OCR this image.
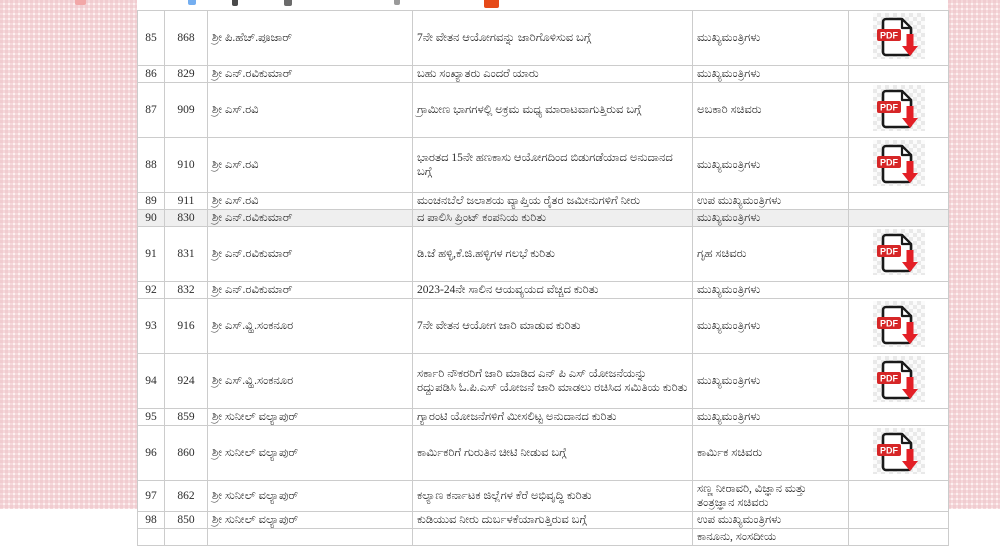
85	868	ಶ್ರೀ ಪಿ.ಹೆಚ್.ಪೂಜಾರ್	7ನೇ ವೇತನ ಆಯೋಗವನ್ನು ಜಾರಿಗೊಳಿಸುವ ಬಗ್ಗೆ	ಮುಖ್ಯಮಂತ್ರಿಗಳು	PDF

86	829	ಶ್ರೀ ಎನ್.ರವಿಕುಮಾರ್	ಬಹು ಸಂಖ್ಯಾತರು ಎಂದರೆ ಯಾರು	ಮುಖ್ಯಮಂತ್ರಿಗಳು	
87	909	ಶ್ರೀ ಎಸ್.ರವಿ	ಗ್ರಾಮೀಣ ಭಾಗಗಳಲ್ಲಿ ಅಕ್ರಮ ಮಧ್ಯ ಮಾರಾಟವಾಗುತ್ತಿರುವ ಬಗ್ಗೆ	ಅಬಕಾರಿ ಸಚಿವರು	PDF

88	910	ಶ್ರೀ ಎಸ್.ರವಿ	ಭಾರತದ 15ನೇ ಹಣಕಾಸು ಆಯೋಗದಿಂದ ಬಿಡುಗಡೆಯಾದ ಅನುದಾನದ ಬಗ್ಗೆ	ಮುಖ್ಯಮಂತ್ರಿಗಳು	PDF

89	911	ಶ್ರೀ ಎಸ್.ರವಿ	ಮಂಚನಬೆಲೆ ಜಲಾಶಯ ವ್ಯಾಪ್ತಿಯ ರೈತರ ಜಮೀನುಗಳಿಗೆ ನೀರು	ಉಪ ಮುಖ್ಯಮಂತ್ರಿಗಳು	
90	830	ಶ್ರೀ ಎನ್.ರವಿಕುಮಾರ್	ದ ಪಾಲಿಸಿ ಪ್ರಿಂಟ್ ಕಂಪನಿಯ ಕುರಿತು	ಮುಖ್ಯಮಂತ್ರಿಗಳು	
91	831	ಶ್ರೀ ಎನ್.ರವಿಕುಮಾರ್	ಡಿ.ಜೆ ಹಳ್ಳಿ,ಕೆ.ಜಿ.ಹಳ್ಳಿಗಳ ಗಲಭೆ ಕುರಿತು	ಗೃಹ ಸಚಿವರು	PDF

92	832	ಶ್ರೀ ಎನ್.ರವಿಕುಮಾರ್	2023-24ನೇ ಸಾಲಿನ ಆಯವ್ಯಯದ ವೆಚ್ಚದ ಕುರಿತು	ಮುಖ್ಯಮಂತ್ರಿಗಳು	
93	916	ಶ್ರೀ ಎಸ್.ವ್ಹಿ.ಸಂಕನೂರ	7ನೇ ವೇತನ ಆಯೋಗ ಜಾರಿ ಮಾಡುವ ಕುರಿತು	ಮುಖ್ಯಮಂತ್ರಿಗಳು	PDF

94	924	ಶ್ರೀ ಎಸ್.ವ್ಹಿ.ಸಂಕನೂರ	ಸರ್ಕಾರಿ ನೌಕರರಿಗೆ ಜಾರಿ ಮಾಡಿದ ಎನ್ ಪಿ ಎಸ್ ಯೋಜನೆಯನ್ನು ರದ್ದುಪಡಿಸಿ ಓ.ಪಿ.ಎಸ್ ಯೋಜನೆ ಜಾರಿ ಮಾಡಲು ರಚಿಸಿದ ಸಮಿತಿಯ ಕುರಿತು	ಮುಖ್ಯಮಂತ್ರಿಗಳು	PDF

95	859	ಶ್ರೀ ಸುನೀಲ್ ವಲ್ಯಾಪುರ್	ಗ್ಯಾರಂಟಿ ಯೋಜನೆಗಳಿಗೆ ಮೀಸಲಿಟ್ಟ ಅನುದಾನದ ಕುರಿತು	ಮುಖ್ಯಮಂತ್ರಿಗಳು	
96	860	ಶ್ರೀ ಸುನೀಲ್ ವಲ್ಯಾಪುರ್	ಕಾರ್ಮಿಕರಿಗೆ ಗುರುತಿನ ಚೀಟಿ ನೀಡುವ ಬಗ್ಗೆ	ಕಾರ್ಮಿಕ ಸಚಿವರು	PDF

97	862	ಶ್ರೀ ಸುನೀಲ್ ವಲ್ಯಾಪುರ್	ಕಲ್ಯಾಣ ಕರ್ನಾಟಕ ಜಿಲ್ಲೆಗಳ ಕೆರೆ ಅಭಿವೃದ್ಧಿ ಕುರಿತು	ಸಣ್ಣ ನೀರಾವರಿ, ವಿಜ್ಞಾನ ಮತ್ತು ತಂತ್ರಜ್ಞಾನ ಸಚಿವರು	
98	850	ಶ್ರೀ ಸುನೀಲ್ ವಲ್ಯಾಪುರ್	ಕುಡಿಯುವ ನೀರು ದುರ್ಬಳಕೆಯಾಗುತ್ತಿರುವ ಬಗ್ಗೆ	ಉಪ ಮುಖ್ಯಮಂತ್ರಿಗಳು	
				ಕಾನೂನು, ಸಂಸದೀಯ	
